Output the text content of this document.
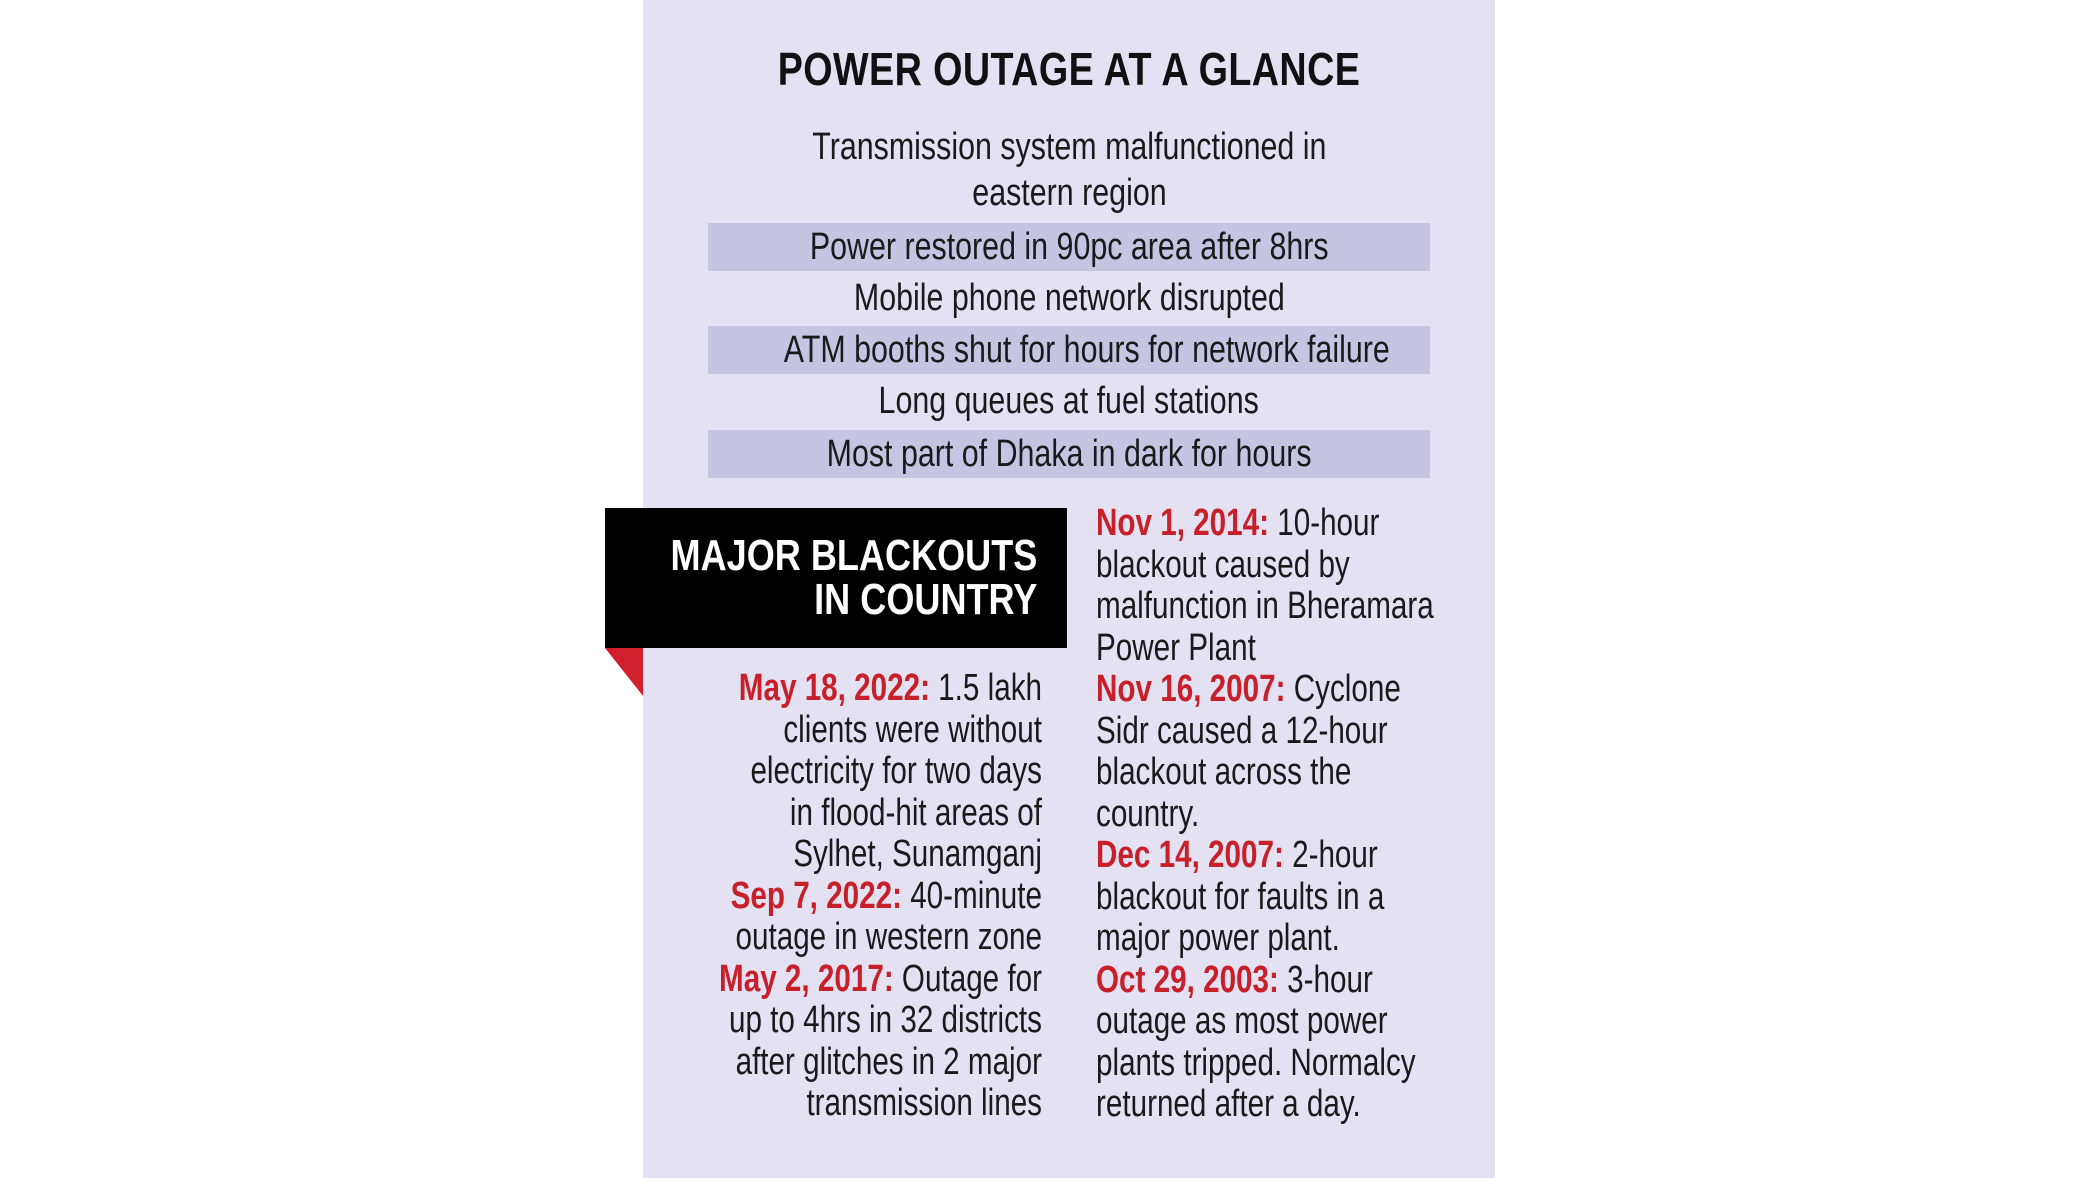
POWER OUTAGE AT A GLANCE
Transmission system malfunctioned in
eastern region
Power restored in 90pc area after 8hrs
Mobile phone network disrupted
ATM booths shut for hours for network failure
Long queues at fuel stations
Most part of Dhaka in dark for hours
MAJOR BLACKOUTS
IN COUNTRY
May 18, 2022: 1.5 lakh
clients were without
electricity for two days
in flood-hit areas of
Sylhet, Sunamganj
Sep 7, 2022: 40-minute
outage in western zone
May 2, 2017: Outage for
up to 4hrs in 32 districts
after glitches in 2 major
transmission lines
Nov 1, 2014: 10-hour
blackout caused by
malfunction in Bheramara
Power Plant
Nov 16, 2007: Cyclone
Sidr caused a 12-hour
blackout across the
country.
Dec 14, 2007: 2-hour
blackout for faults in a
major power plant.
Oct 29, 2003: 3-hour
outage as most power
plants tripped. Normalcy
returned after a day.
